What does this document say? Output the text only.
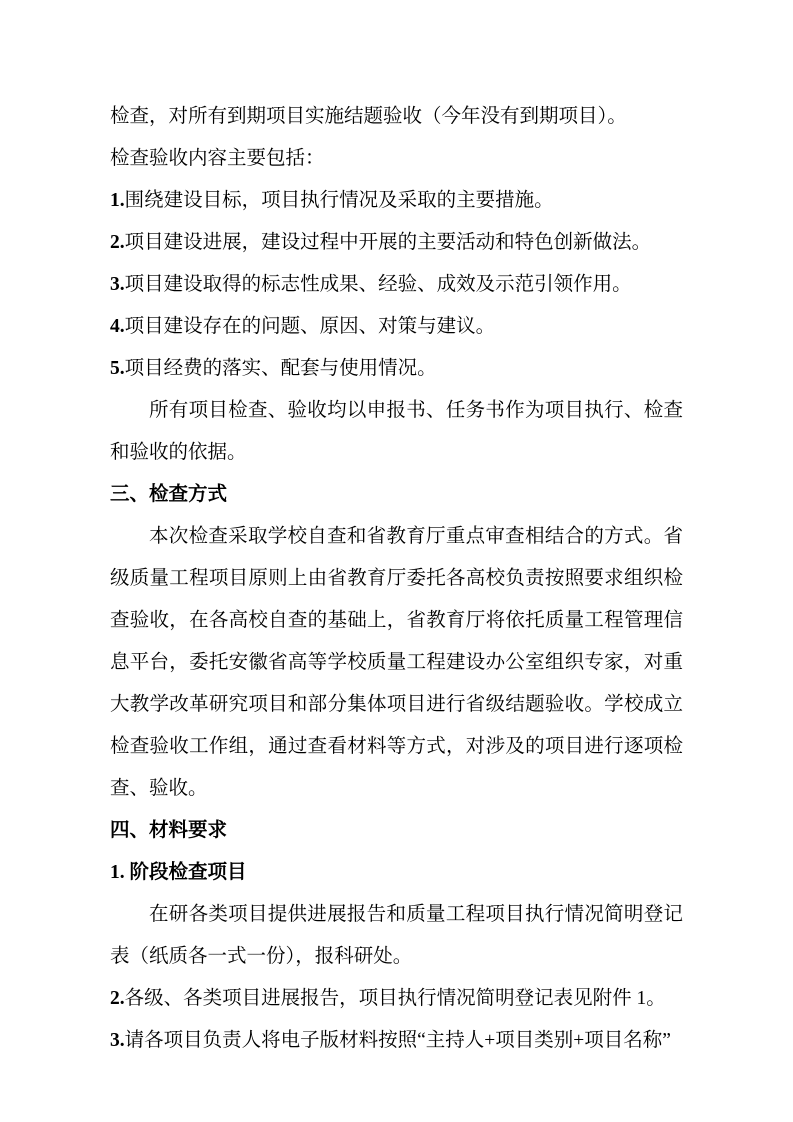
检查，对所有到期项目实施结题验收（今年没有到期项目）。

检查验收内容主要包括：

1.围绕建设目标，项目执行情况及采取的主要措施。

2.项目建设进展，建设过程中开展的主要活动和特色创新做法。

3.项目建设取得的标志性成果、经验、成效及示范引领作用。

4.项目建设存在的问题、原因、对策与建议。

5.项目经费的落实、配套与使用情况。

所有项目检查、验收均以申报书、任务书作为项目执行、检查和验收的依据。

三、检查方式

本次检查采取学校自查和省教育厅重点审查相结合的方式。省级质量工程项目原则上由省教育厅委托各高校负责按照要求组织检查验收，在各高校自查的基础上，省教育厅将依托质量工程管理信息平台，委托安徽省高等学校质量工程建设办公室组织专家，对重大教学改革研究项目和部分集体项目进行省级结题验收。学校成立检查验收工作组，通过查看材料等方式，对涉及的项目进行逐项检查、验收。

四、材料要求

1. 阶段检查项目

在研各类项目提供进展报告和质量工程项目执行情况简明登记表（纸质各一式一份），报科研处。

2.各级、各类项目进展报告，项目执行情况简明登记表见附件 1。

3.请各项目负责人将电子版材料按照“主持人+项目类别+项目名称”
